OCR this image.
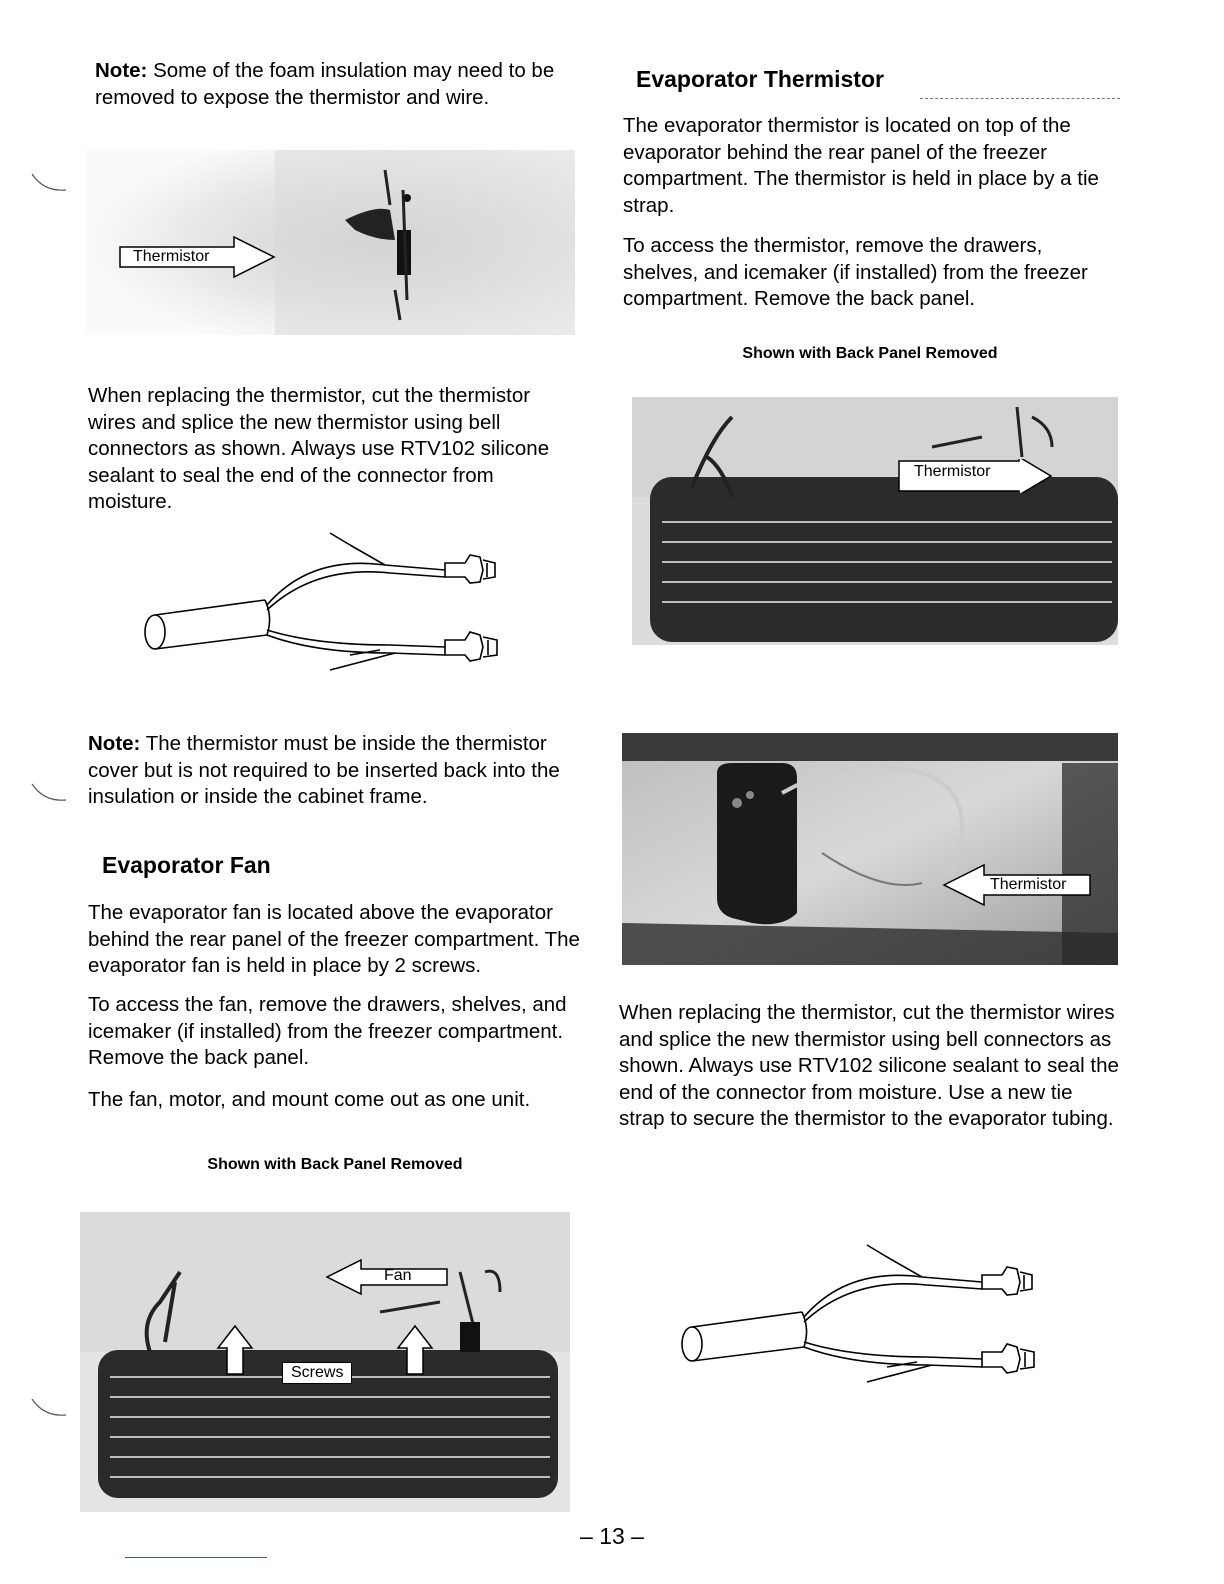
Note: Some of the foam insulation may need to be removed to expose the thermistor and wire.

Thermistor

When replacing the thermistor, cut the thermistor wires and splice the new thermistor using bell connectors as shown. Always use RTV102 silicone sealant to seal the end of the connector from moisture.

Note: The thermistor must be inside the thermistor cover but is not required to be inserted back into the insulation or inside the cabinet frame.

Evaporator Fan

The evaporator fan is located above the evaporator behind the rear panel of the freezer compartment. The evaporator fan is held in place by 2 screws.

To access the fan, remove the drawers, shelves, and icemaker (if installed) from the freezer compartment. Remove the back panel.

The fan, motor, and mount come out as one unit.

Shown with Back Panel Removed
Fan
Screws
Evaporator Thermistor

The evaporator thermistor is located on top of the evaporator behind the rear panel of the freezer compartment. The thermistor is held in place by a tie strap.

To access the thermistor, remove the drawers, shelves, and icemaker (if installed) from the freezer compartment. Remove the back panel.

Shown with Back Panel Removed
Thermistor
Thermistor

When replacing the thermistor, cut the thermistor wires and splice the new thermistor using bell connectors as shown. Always use RTV102 silicone sealant to seal the end of the connector from moisture. Use a new tie strap to secure the thermistor to the evaporator tubing.

– 13 –
